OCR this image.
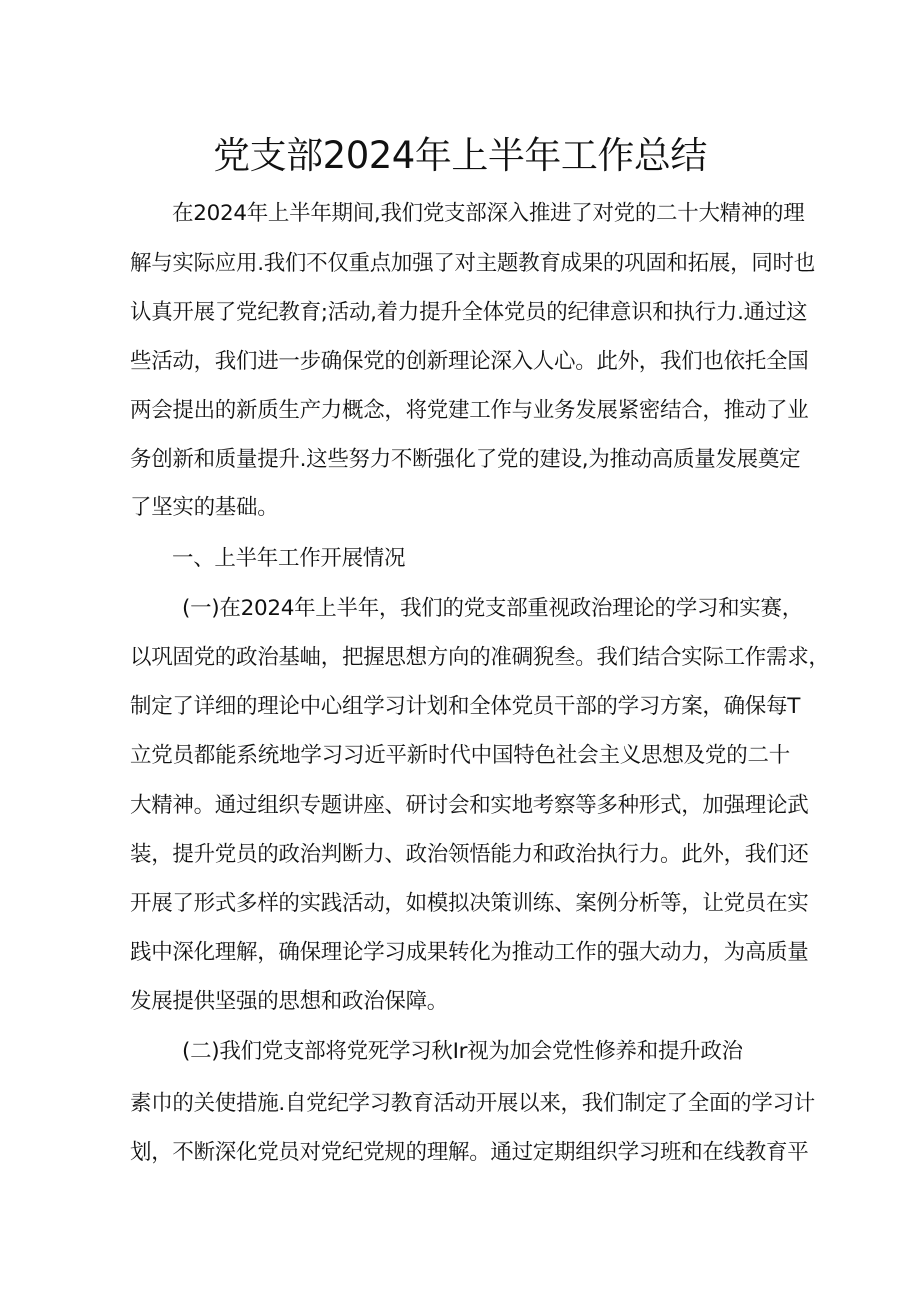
党支部2024年上半年工作总结

在2024年上半年期间,我们党支部深入推进了对党的二十大精神的理

解与实际应用.我们不仅重点加强了对主题教育成果的巩固和拓展，同时也

认真开展了党纪教育;活动,着力提升全体党员的纪律意识和执行力.通过这

些活动，我们进一步确保党的创新理论深入人心。此外，我们也依托全国

两会提出的新质生产力概念，将党建工作与业务发展紧密结合，推动了业

务创新和质量提升.这些努力不断强化了党的建设,为推动高质量发展奠定

了坚实的基础。

一、上半年工作开展情况

(一)在2024年上半年，我们的党支部重视政治理论的学习和实赛，

以巩固党的政治基岫，把握思想方向的准碉猊叁。我们结合实际工作需求，

制定了详细的理论中心组学习计划和全体党员干部的学习方案，确保每T

立党员都能系统地学习习近平新时代中国特色社会主义思想及党的二十

大精神。通过组织专题讲座、研讨会和实地考察等多种形式，加强理论武

装，提升党员的政治判断力、政治领悟能力和政治执行力。此外，我们还

开展了形式多样的实践活动，如模拟决策训练、案例分析等，让党员在实

践中深化理解，确保理论学习成果转化为推动工作的强大动力，为高质量

发展提供坚强的思想和政治保障。

(二)我们党支部将党死学习秋Ir视为加会党性修养和提升政治

素巾的关使措施.自党纪学习教育活动开展以来，我们制定了全面的学习计

划，不断深化党员对党纪党规的理解。通过定期组织学习班和在线教育平
